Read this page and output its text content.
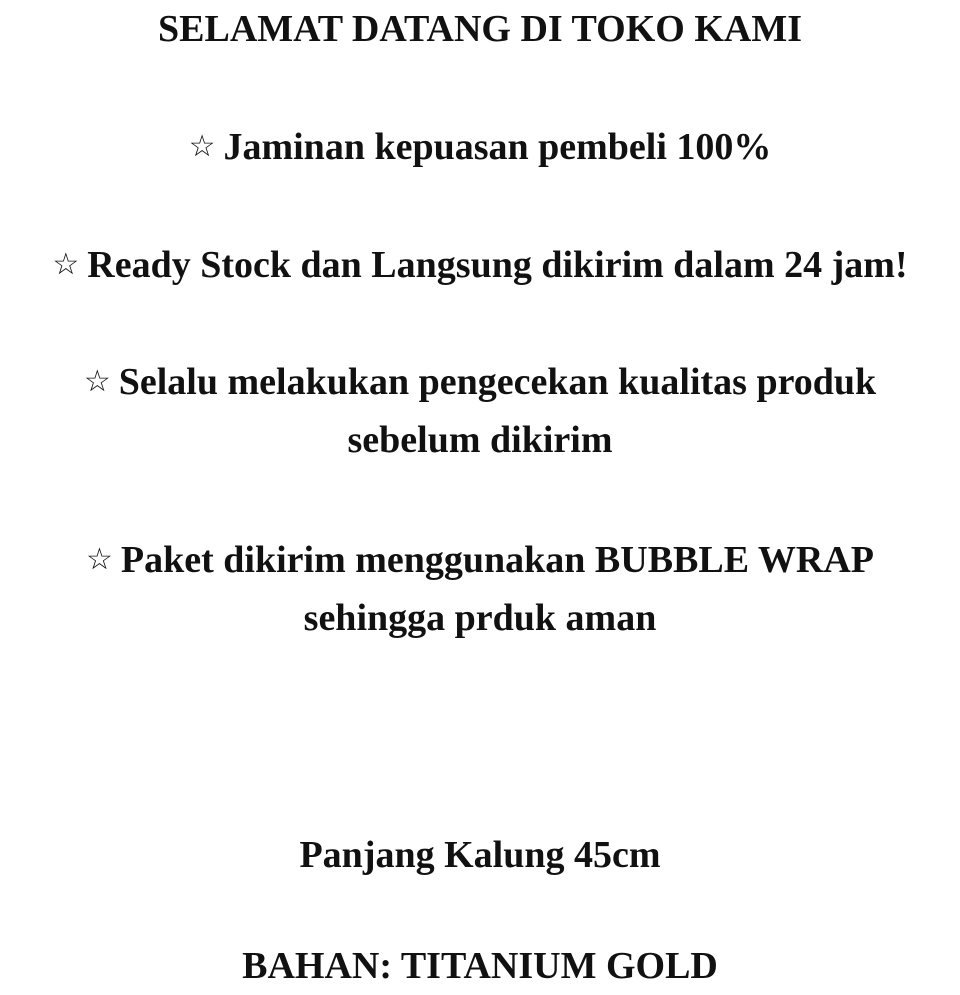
SELAMAT DATANG DI TOKO KAMI
☆ Jaminan kepuasan pembeli 100%
☆ Ready Stock dan Langsung dikirim dalam 24 jam!
☆ Selalu melakukan pengecekan kualitas produk
sebelum dikirim
☆ Paket dikirim menggunakan BUBBLE WRAP
sehingga prduk aman
Panjang Kalung 45cm
BAHAN: TITANIUM GOLD
